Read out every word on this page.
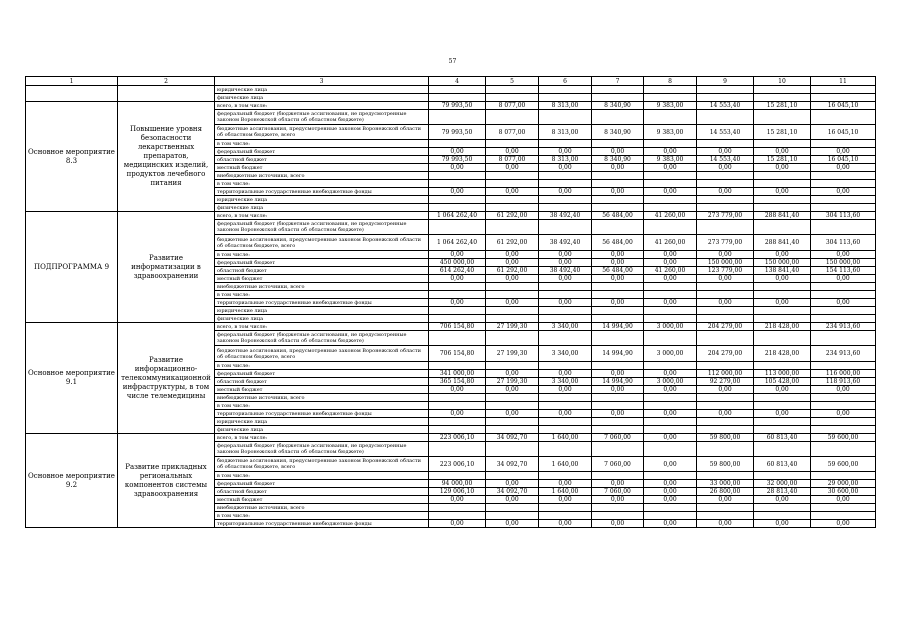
57
1	2	3	4	5	6	7	8	9	10	11
		юридические лица								
		физические лица								
Основное мероприятие 8.3	Повышение уровня безопасности лекарственных препаратов, медицинских изделий, продуктов лечебного питания	всего, в том числе:	79 993,50	8 077,00	8 313,00	8 340,90	9 383,00	14 553,40	15 281,10	16 045,10
		федеральный бюджет (бюджетные ассигнования, не предусмотренные законом Воронежской области об областном бюджете)								
		бюджетные ассигнования, предусмотренные законом Воронежской области об областном бюджете, всего	79 993,50	8 077,00	8 313,00	8 340,90	9 383,00	14 553,40	15 281,10	16 045,10
		в том числе:								
		федеральный бюджет	0,00	0,00	0,00	0,00	0,00	0,00	0,00	0,00
		областной бюджет	79 993,50	8 077,00	8 313,00	8 340,90	9 383,00	14 553,40	15 281,10	16 045,10
		местный бюджет	0,00	0,00	0,00	0,00	0,00	0,00	0,00	0,00
		внебюджетные источники, всего								
		в том числе:								
		территориальные государственные внебюджетные фонды	0,00	0,00	0,00	0,00	0,00	0,00	0,00	0,00
		юридические лица								
		физические лица								
ПОДПРОГРАММА 9	Развитие информатизации в здравоохранении	всего, в том числе:	1 064 262,40	61 292,00	38 492,40	56 484,00	41 260,00	273 779,00	288 841,40	304 113,60
		федеральный бюджет (бюджетные ассигнования, не предусмотренные законом Воронежской области об областном бюджете)								
		бюджетные ассигнования, предусмотренные законом Воронежской области об областном бюджете, всего	1 064 262,40	61 292,00	38 492,40	56 484,00	41 260,00	273 779,00	288 841,40	304 113,60
		в том числе:	0,00	0,00	0,00	0,00	0,00	0,00	0,00	0,00
		федеральный бюджет	450 000,00	0,00	0,00	0,00	0,00	150 000,00	150 000,00	150 000,00
		областной бюджет	614 262,40	61 292,00	38 492,40	56 484,00	41 260,00	123 779,00	138 841,40	154 113,60
		местный бюджет	0,00	0,00	0,00	0,00	0,00	0,00	0,00	0,00
		внебюджетные источники, всего								
		в том числе:								
		территориальные государственные внебюджетные фонды	0,00	0,00	0,00	0,00	0,00	0,00	0,00	0,00
		юридические лица								
		физические лица								
Основное мероприятие 9.1	Развитие информационно-телекоммуникационной инфраструктуры, в том числе телемедицины	всего, в том числе:	706 154,80	27 199,30	3 340,00	14 994,90	3 000,00	204 279,00	218 428,00	234 913,60
		федеральный бюджет (бюджетные ассигнования, не предусмотренные законом Воронежской области об областном бюджете)								
		бюджетные ассигнования, предусмотренные законом Воронежской области об областном бюджете, всего	706 154,80	27 199,30	3 340,00	14 994,90	3 000,00	204 279,00	218 428,00	234 913,60
		в том числе:								
		федеральный бюджет	341 000,00	0,00	0,00	0,00	0,00	112 000,00	113 000,00	116 000,00
		областной бюджет	365 154,80	27 199,30	3 340,00	14 994,90	3 000,00	92 279,00	105 428,00	118 913,60
		местный бюджет	0,00	0,00	0,00	0,00	0,00	0,00	0,00	0,00
		внебюджетные источники, всего								
		в том числе:								
		территориальные государственные внебюджетные фонды	0,00	0,00	0,00	0,00	0,00	0,00	0,00	0,00
		юридические лица								
		физические лица								
Основное мероприятие 9.2	Развитие прикладных региональных компонентов системы здравоохранения	всего, в том числе:	223 006,10	34 092,70	1 640,00	7 060,00	0,00	59 800,00	60 813,40	59 600,00
		федеральный бюджет (бюджетные ассигнования, не предусмотренные законом Воронежской области об областном бюджете)								
		бюджетные ассигнования, предусмотренные законом Воронежской области об областном бюджете, всего	223 006,10	34 092,70	1 640,00	7 060,00	0,00	59 800,00	60 813,40	59 600,00
		в том числе:								
		федеральный бюджет	94 000,00	0,00	0,00	0,00	0,00	33 000,00	32 000,00	29 000,00
		областной бюджет	129 006,10	34 092,70	1 640,00	7 060,00	0,00	26 800,00	28 813,40	30 600,00
		местный бюджет	0,00	0,00	0,00	0,00	0,00	0,00	0,00	0,00
		внебюджетные источники, всего								
		в том числе:								
		территориальные государственные внебюджетные фонды	0,00	0,00	0,00	0,00	0,00	0,00	0,00	0,00
